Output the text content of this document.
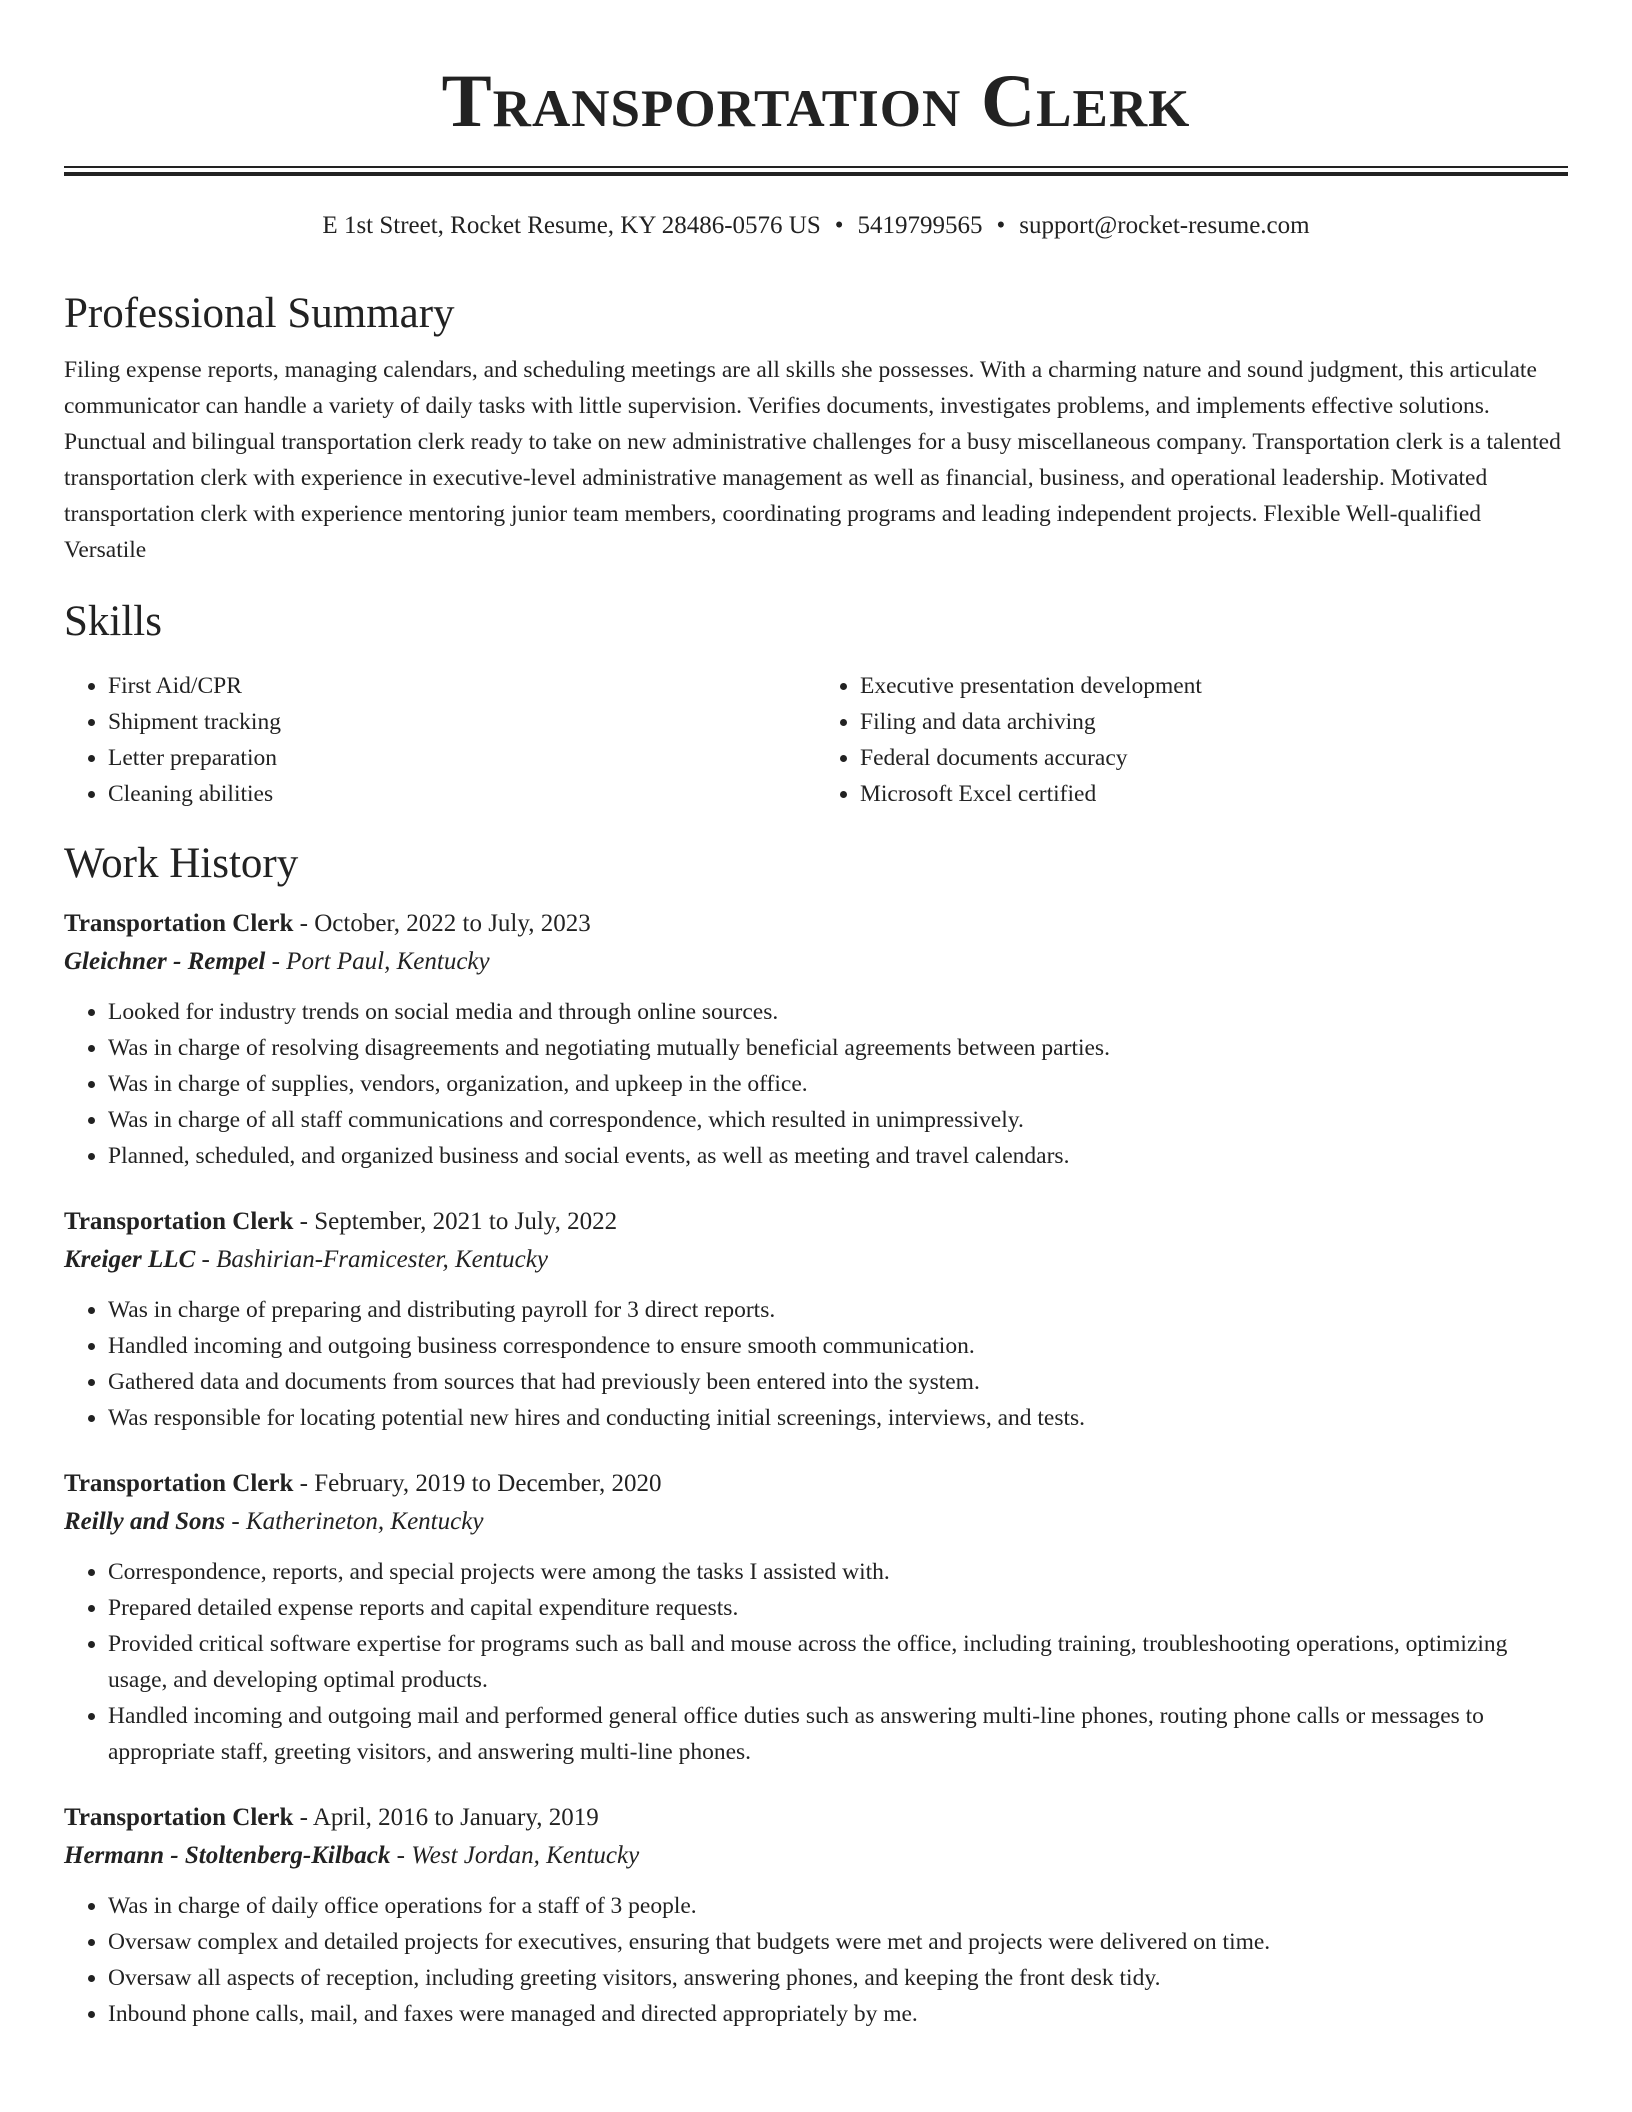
Transportation Clerk
E 1st Street, Rocket Resume, KY 28486-0576 US • 5419799565 • support@rocket-resume.com
Professional Summary

Filing expense reports, managing calendars, and scheduling meetings are all skills she possesses. With a charming nature and sound judgment, this articulate communicator can handle a variety of daily tasks with little supervision. Verifies documents, investigates problems, and implements effective solutions. Punctual and bilingual transportation clerk ready to take on new administrative challenges for a busy miscellaneous company. Transportation clerk is a talented transportation clerk with experience in executive-level administrative management as well as financial, business, and operational leadership. Motivated transportation clerk with experience mentoring junior team members, coordinating programs and leading independent projects. Flexible Well-qualified Versatile

Skills
• First Aid/CPR
• Shipment tracking
• Letter preparation
• Cleaning abilities
• Executive presentation development
• Filing and data archiving
• Federal documents accuracy
• Microsoft Excel certified
Work History

Transportation Clerk - October, 2022 to July, 2023

Gleichner - Rempel - Port Paul, Kentucky

• Looked for industry trends on social media and through online sources.
• Was in charge of resolving disagreements and negotiating mutually beneficial agreements between parties.
• Was in charge of supplies, vendors, organization, and upkeep in the office.
• Was in charge of all staff communications and correspondence, which resulted in unimpressively.
• Planned, scheduled, and organized business and social events, as well as meeting and travel calendars.

Transportation Clerk - September, 2021 to July, 2022

Kreiger LLC - Bashirian-Framicester, Kentucky

• Was in charge of preparing and distributing payroll for 3 direct reports.
• Handled incoming and outgoing business correspondence to ensure smooth communication.
• Gathered data and documents from sources that had previously been entered into the system.
• Was responsible for locating potential new hires and conducting initial screenings, interviews, and tests.

Transportation Clerk - February, 2019 to December, 2020

Reilly and Sons - Katherineton, Kentucky

• Correspondence, reports, and special projects were among the tasks I assisted with.
• Prepared detailed expense reports and capital expenditure requests.
• Provided critical software expertise for programs such as ball and mouse across the office, including training, troubleshooting operations, optimizing usage, and developing optimal products.
• Handled incoming and outgoing mail and performed general office duties such as answering multi-line phones, routing phone calls or messages to appropriate staff, greeting visitors, and answering multi-line phones.

Transportation Clerk - April, 2016 to January, 2019

Hermann - Stoltenberg-Kilback - West Jordan, Kentucky

• Was in charge of daily office operations for a staff of 3 people.
• Oversaw complex and detailed projects for executives, ensuring that budgets were met and projects were delivered on time.
• Oversaw all aspects of reception, including greeting visitors, answering phones, and keeping the front desk tidy.
• Inbound phone calls, mail, and faxes were managed and directed appropriately by me.
